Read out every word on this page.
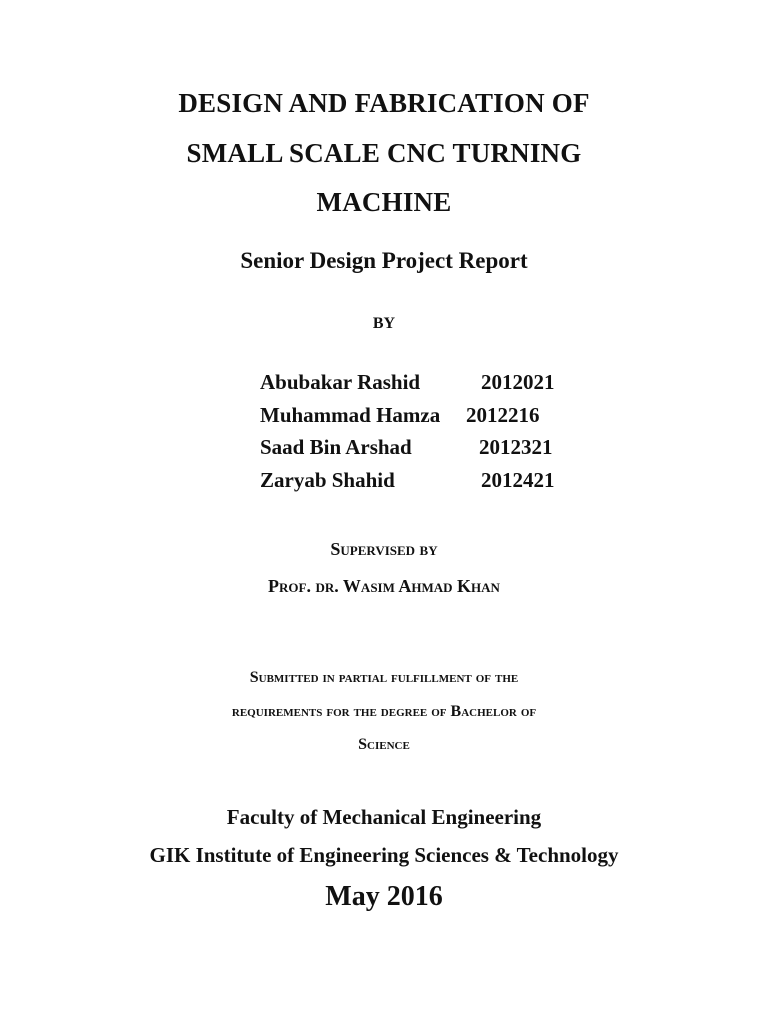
DESIGN AND FABRICATION OF
SMALL SCALE CNC TURNING
MACHINE
Senior Design Project Report
BY
Abubakar Rashid	2012021
Muhammad Hamza 2012216
Saad Bin Arshad	2012321
Zaryab Shahid	2012421
Supervised by
Prof. dr. Wasim Ahmad Khan
Submitted in partial fulfillment of the
requirements for the degree of Bachelor of
Science
Faculty of Mechanical Engineering
GIK Institute of Engineering Sciences & Technology
May 2016
